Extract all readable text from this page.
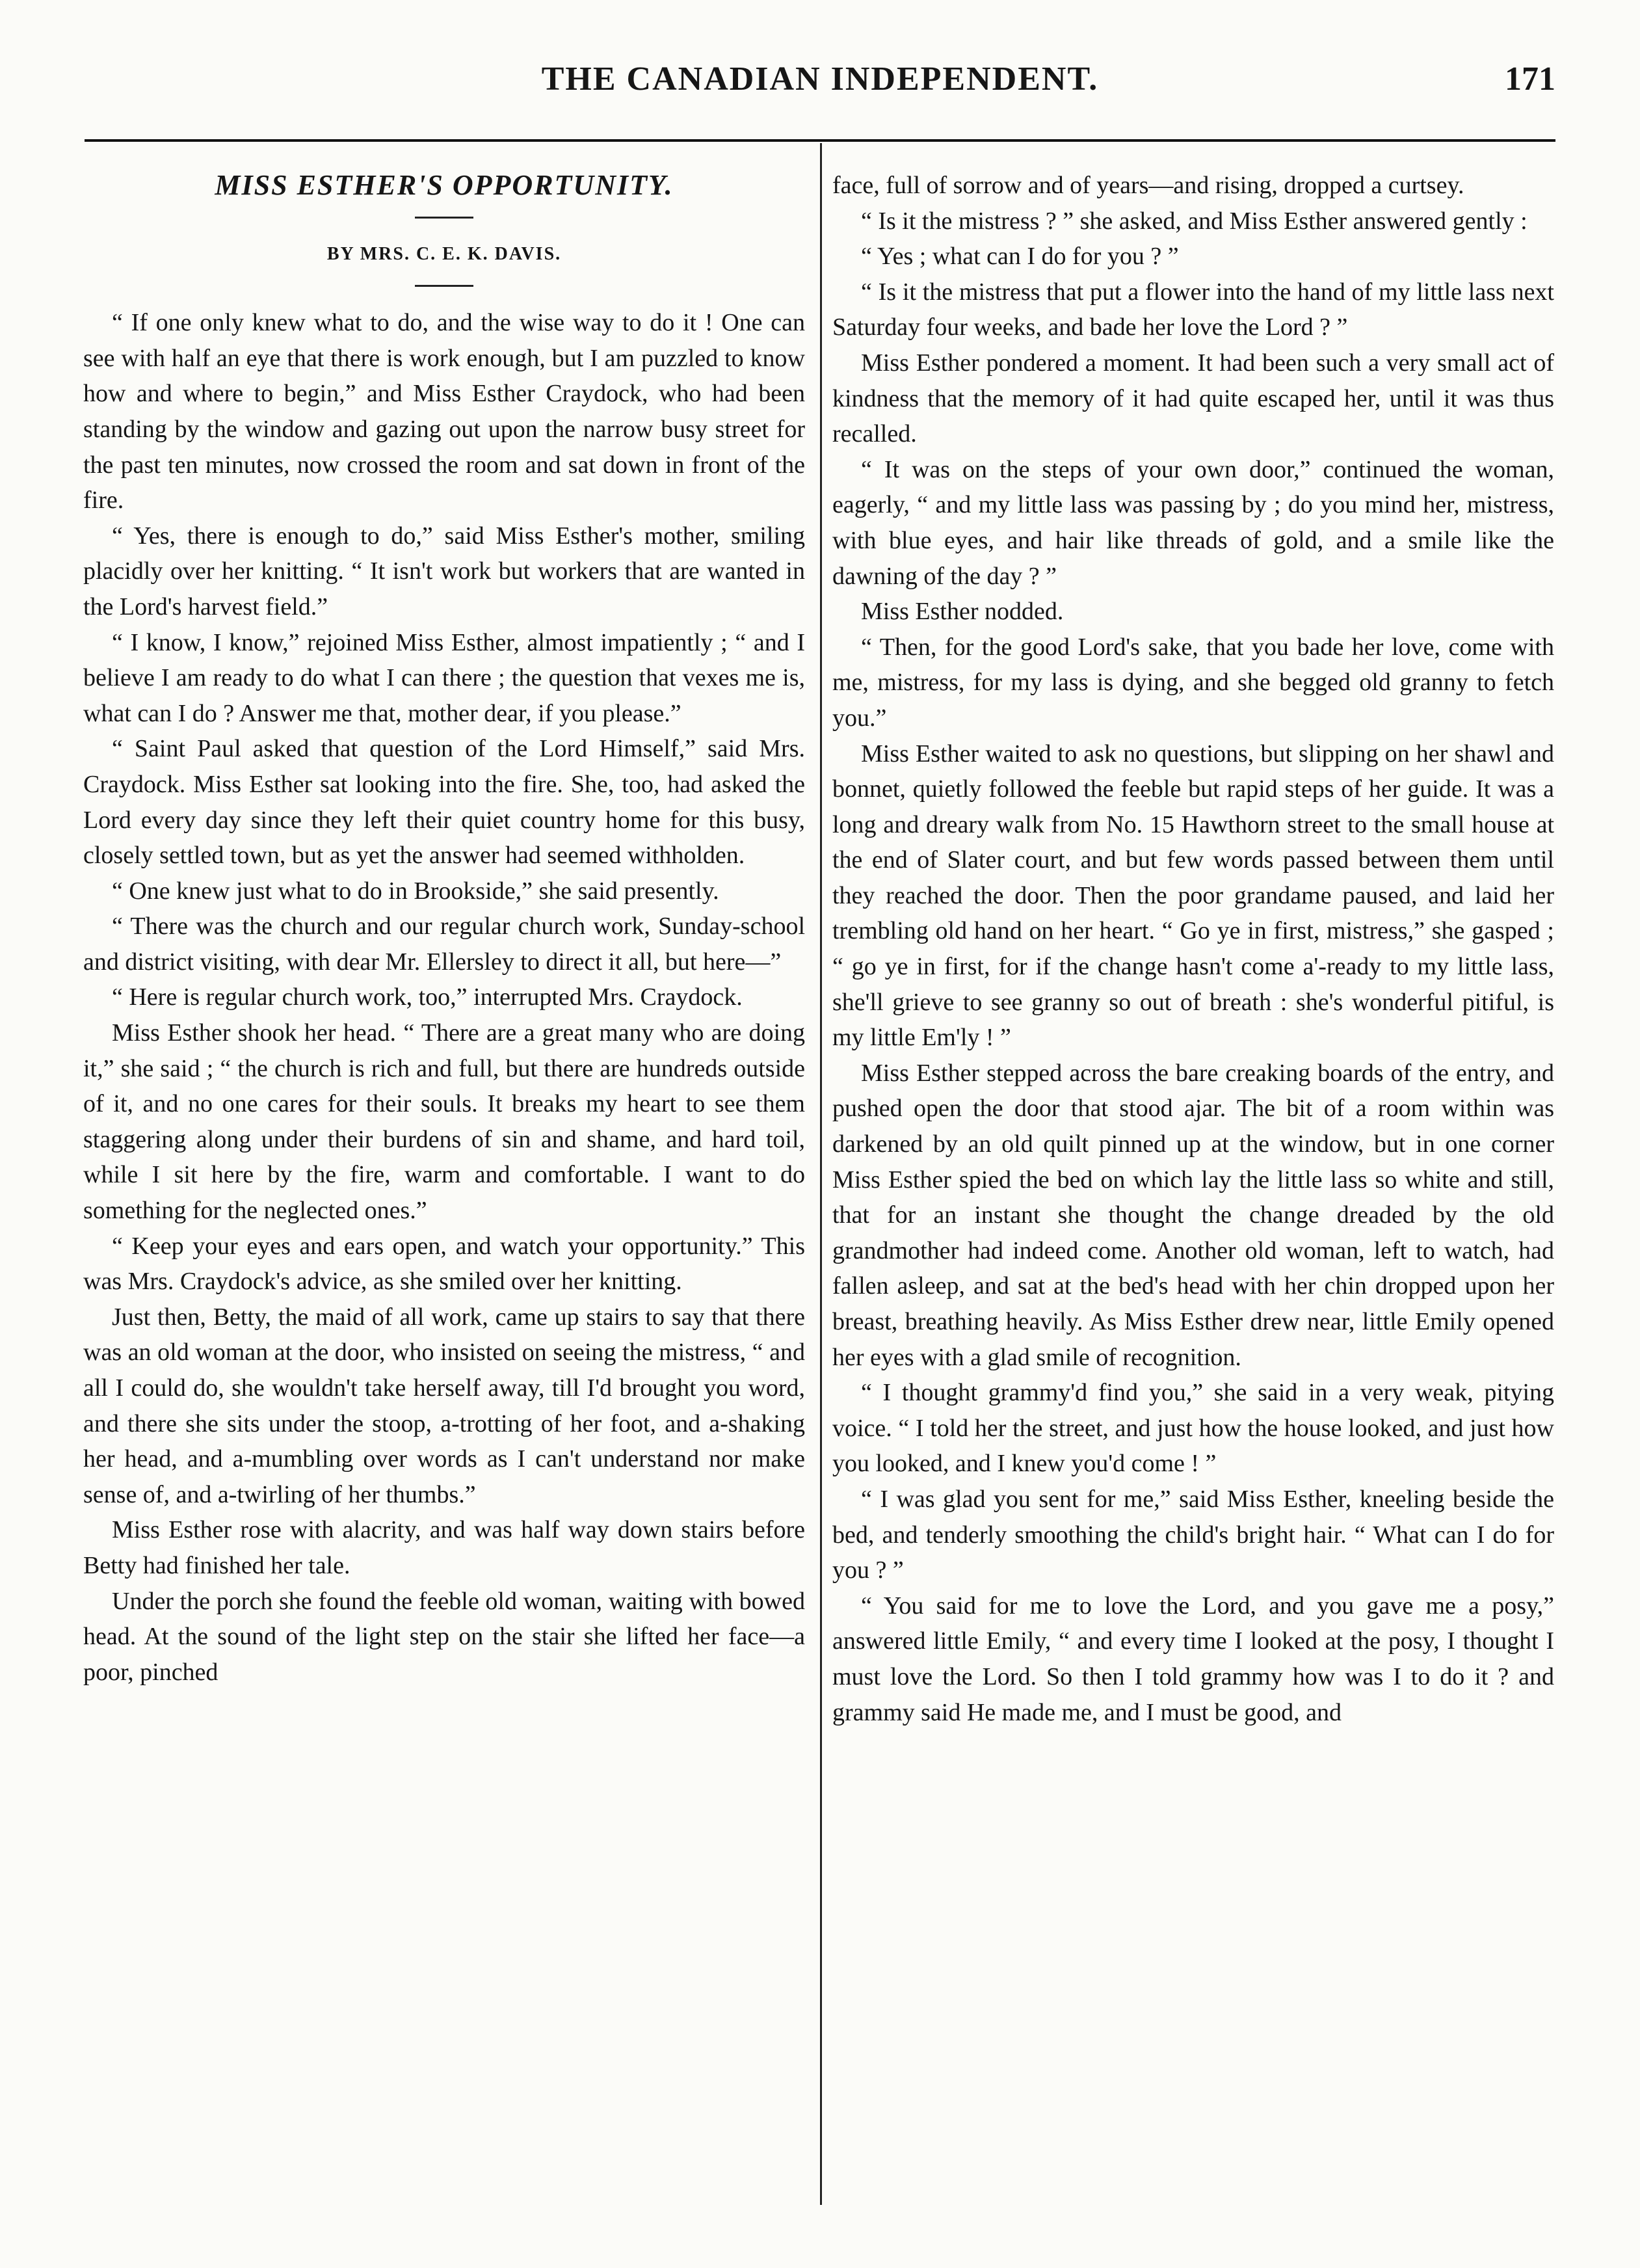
THE CANADIAN INDEPENDENT.	171
MISS ESTHER'S OPPORTUNITY.
BY MRS. C. E. K. DAVIS.

“ If one only knew what to do, and the wise way to do it ! One can see with half an eye that there is work enough, but I am puzzled to know how and where to begin,” and Miss Esther Craydock, who had been standing by the window and gazing out upon the narrow busy street for the past ten minutes, now crossed the room and sat down in front of the fire.

“ Yes, there is enough to do,” said Miss Esther's mother, smiling placidly over her knitting. “ It isn't work but workers that are wanted in the Lord's harvest field.”

“ I know, I know,” rejoined Miss Esther, almost impatiently ; “ and I believe I am ready to do what I can there ; the question that vexes me is, what can I do ? Answer me that, mother dear, if you please.”

“ Saint Paul asked that question of the Lord Himself,” said Mrs. Craydock. Miss Esther sat looking into the fire. She, too, had asked the Lord every day since they left their quiet country home for this busy, closely settled town, but as yet the answer had seemed withholden.

“ One knew just what to do in Brookside,” she said presently.

“ There was the church and our regular church work, Sunday-school and district visiting, with dear Mr. Ellersley to direct it all, but here—”

“ Here is regular church work, too,” interrupted Mrs. Craydock.

Miss Esther shook her head. “ There are a great many who are doing it,” she said ; “ the church is rich and full, but there are hundreds outside of it, and no one cares for their souls. It breaks my heart to see them staggering along under their burdens of sin and shame, and hard toil, while I sit here by the fire, warm and comfortable. I want to do something for the neglected ones.”

“ Keep your eyes and ears open, and watch your opportunity.” This was Mrs. Craydock's advice, as she smiled over her knitting.

Just then, Betty, the maid of all work, came up stairs to say that there was an old woman at the door, who insisted on seeing the mistress, “ and all I could do, she wouldn't take herself away, till I'd brought you word, and there she sits under the stoop, a-trotting of her foot, and a-shaking her head, and a-mumbling over words as I can't understand nor make sense of, and a-twirling of her thumbs.”

Miss Esther rose with alacrity, and was half way down stairs before Betty had finished her tale.

Under the porch she found the feeble old woman, waiting with bowed head. At the sound of the light step on the stair she lifted her face—a poor, pinched

face, full of sorrow and of years—and rising, dropped a curtsey.

“ Is it the mistress ? ” she asked, and Miss Esther answered gently :

“ Yes ; what can I do for you ? ”

“ Is it the mistress that put a flower into the hand of my little lass next Saturday four weeks, and bade her love the Lord ? ”

Miss Esther pondered a moment. It had been such a very small act of kindness that the memory of it had quite escaped her, until it was thus recalled.

“ It was on the steps of your own door,” continued the woman, eagerly, “ and my little lass was passing by ; do you mind her, mistress, with blue eyes, and hair like threads of gold, and a smile like the dawning of the day ? ”

Miss Esther nodded.

“ Then, for the good Lord's sake, that you bade her love, come with me, mistress, for my lass is dying, and she begged old granny to fetch you.”

Miss Esther waited to ask no questions, but slipping on her shawl and bonnet, quietly followed the feeble but rapid steps of her guide. It was a long and dreary walk from No. 15 Hawthorn street to the small house at the end of Slater court, and but few words passed between them until they reached the door. Then the poor grandame paused, and laid her trembling old hand on her heart. “ Go ye in first, mistress,” she gasped ; “ go ye in first, for if the change hasn't come a'-ready to my little lass, she'll grieve to see granny so out of breath : she's wonderful pitiful, is my little Em'ly ! ”

Miss Esther stepped across the bare creaking boards of the entry, and pushed open the door that stood ajar. The bit of a room within was darkened by an old quilt pinned up at the window, but in one corner Miss Esther spied the bed on which lay the little lass so white and still, that for an instant she thought the change dreaded by the old grandmother had indeed come. Another old woman, left to watch, had fallen asleep, and sat at the bed's head with her chin dropped upon her breast, breathing heavily. As Miss Esther drew near, little Emily opened her eyes with a glad smile of recognition.

“ I thought grammy'd find you,” she said in a very weak, pitying voice. “ I told her the street, and just how the house looked, and just how you looked, and I knew you'd come ! ”

“ I was glad you sent for me,” said Miss Esther, kneeling beside the bed, and tenderly smoothing the child's bright hair. “ What can I do for you ? ”

“ You said for me to love the Lord, and you gave me a posy,” answered little Emily, “ and every time I looked at the posy, I thought I must love the Lord. So then I told grammy how was I to do it ? and grammy said He made me, and I must be good, and
